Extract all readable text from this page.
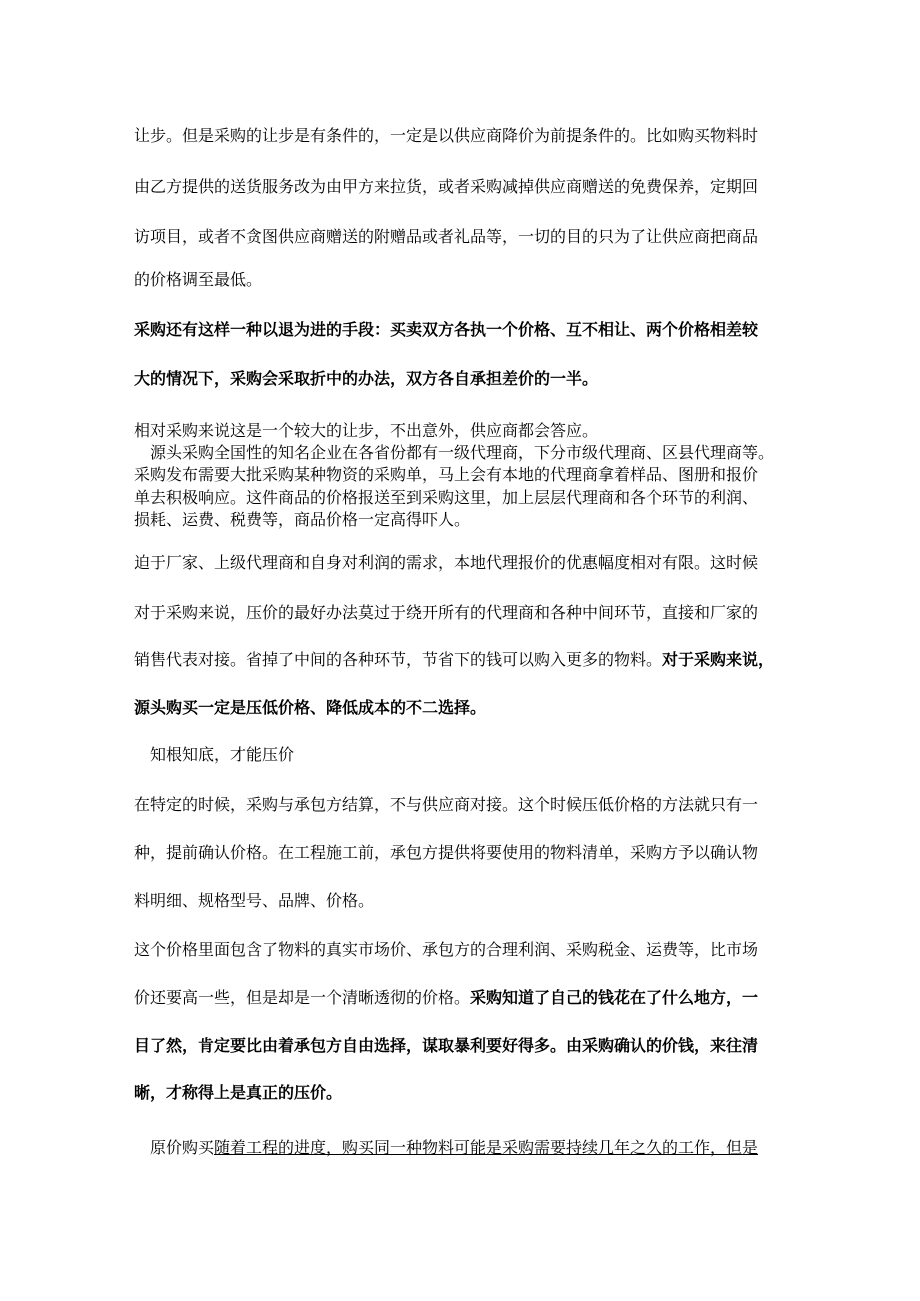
让步。但是采购的让步是有条件的，一定是以供应商降价为前提条件的。比如购买物料时
由乙方提供的送货服务改为由甲方来拉货，或者采购减掉供应商赠送的免费保养，定期回
访项目，或者不贪图供应商赠送的附赠品或者礼品等，一切的目的只为了让供应商把商品
的价格调至最低。
采购还有这样一种以退为进的手段：买卖双方各执一个价格、互不相让、两个价格相差较
大的情况下，采购会采取折中的办法，双方各自承担差价的一半。
相对采购来说这是一个较大的让步，不出意外，供应商都会答应。
源头采购全国性的知名企业在各省份都有一级代理商，下分市级代理商、区县代理商等。
采购发布需要大批采购某种物资的采购单，马上会有本地的代理商拿着样品、图册和报价
单去积极响应。这件商品的价格报送至到采购这里，加上层层代理商和各个环节的利润、
损耗、运费、税费等，商品价格一定高得吓人。
迫于厂家、上级代理商和自身对利润的需求，本地代理报价的优惠幅度相对有限。这时候
对于采购来说，压价的最好办法莫过于绕开所有的代理商和各种中间环节，直接和厂家的
销售代表对接。省掉了中间的各种环节，节省下的钱可以购入更多的物料。对于采购来说，
源头购买一定是压低价格、降低成本的不二选择。
知根知底，才能压价
在特定的时候，采购与承包方结算，不与供应商对接。这个时候压低价格的方法就只有一
种，提前确认价格。在工程施工前，承包方提供将要使用的物料清单，采购方予以确认物
料明细、规格型号、品牌、价格。
这个价格里面包含了物料的真实市场价、承包方的合理利润、采购税金、运费等，比市场
价还要高一些，但是却是一个清晰透彻的价格。采购知道了自己的钱花在了什么地方，一
目了然，肯定要比由着承包方自由选择，谋取暴利要好得多。由采购确认的价钱，来往清
晰，才称得上是真正的压价。
原价购买随着工程的进度，购买同一种物料可能是采购需要持续几年之久的工作，但是
